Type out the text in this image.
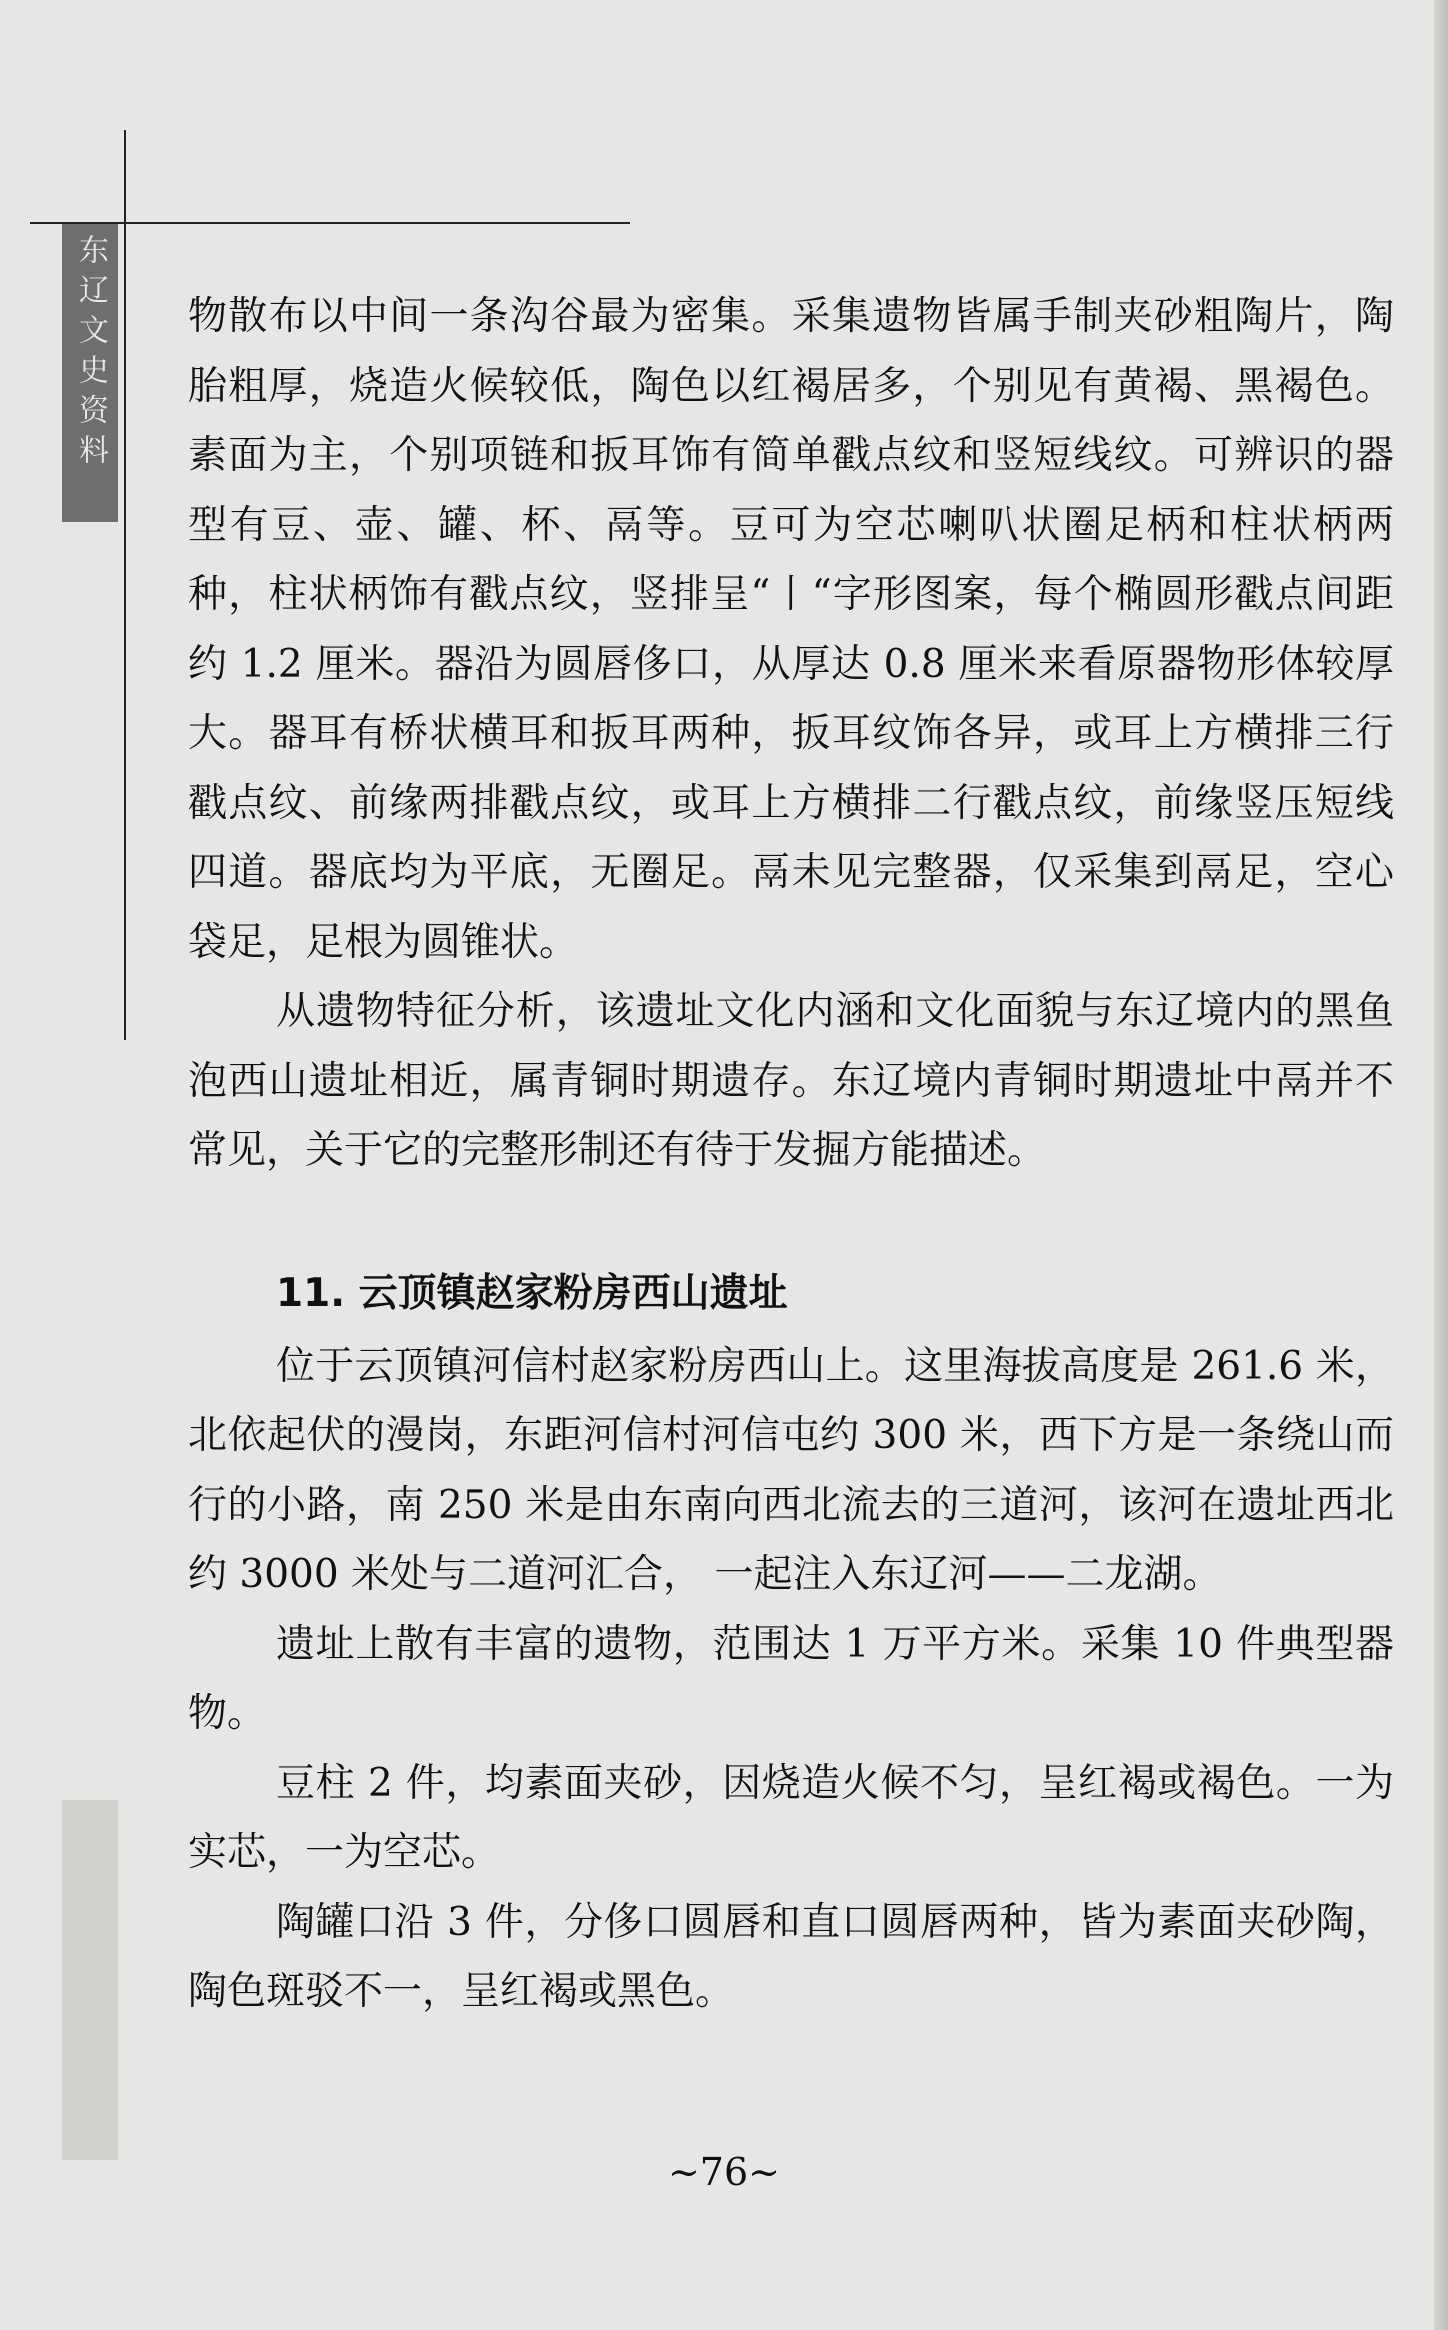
东辽文史资料 物散布以中间一条沟谷最为密集。采集遗物皆属手制夹砂粗陶片，陶胎粗厚，烧造火候较低，陶色以红褐居多，个别见有黄褐、黑褐色。素面为主，个别项链和扳耳饰有简单戳点纹和竖短线纹。可辨识的器型有豆、壶、罐、杯、鬲等。豆可为空芯喇叭状圈足柄和柱状柄两种，柱状柄饰有戳点纹，竖排呈“丨“字形图案，每个椭圆形戳点间距约 1.2 厘米。器沿为圆唇侈口，从厚达 0.8 厘米来看原器物形体较厚大。器耳有桥状横耳和扳耳两种，扳耳纹饰各异，或耳上方横排三行戳点纹、前缘两排戳点纹，或耳上方横排二行戳点纹，前缘竖压短线四道。器底均为平底，无圈足。鬲未见完整器，仅采集到鬲足，空心袋足，足根为圆锥状。

从遗物特征分析，该遗址文化内涵和文化面貌与东辽境内的黑鱼泡西山遗址相近，属青铜时期遗存。东辽境内青铜时期遗址中鬲并不常见，关于它的完整形制还有待于发掘方能描述。

11. 云顶镇赵家粉房西山遗址

位于云顶镇河信村赵家粉房西山上。这里海拔高度是 261.6 米，北依起伏的漫岗，东距河信村河信屯约 300 米，西下方是一条绕山而行的小路，南 250 米是由东南向西北流去的三道河，该河在遗址西北约 3000 米处与二道河汇合， 一起注入东辽河——二龙湖。

遗址上散有丰富的遗物，范围达 1 万平方米。采集 10 件典型器物。

豆柱 2 件，均素面夹砂，因烧造火候不匀，呈红褐或褐色。一为实芯，一为空芯。

陶罐口沿 3 件，分侈口圆唇和直口圆唇两种，皆为素面夹砂陶，陶色斑驳不一，呈红褐或黑色。

~76~
